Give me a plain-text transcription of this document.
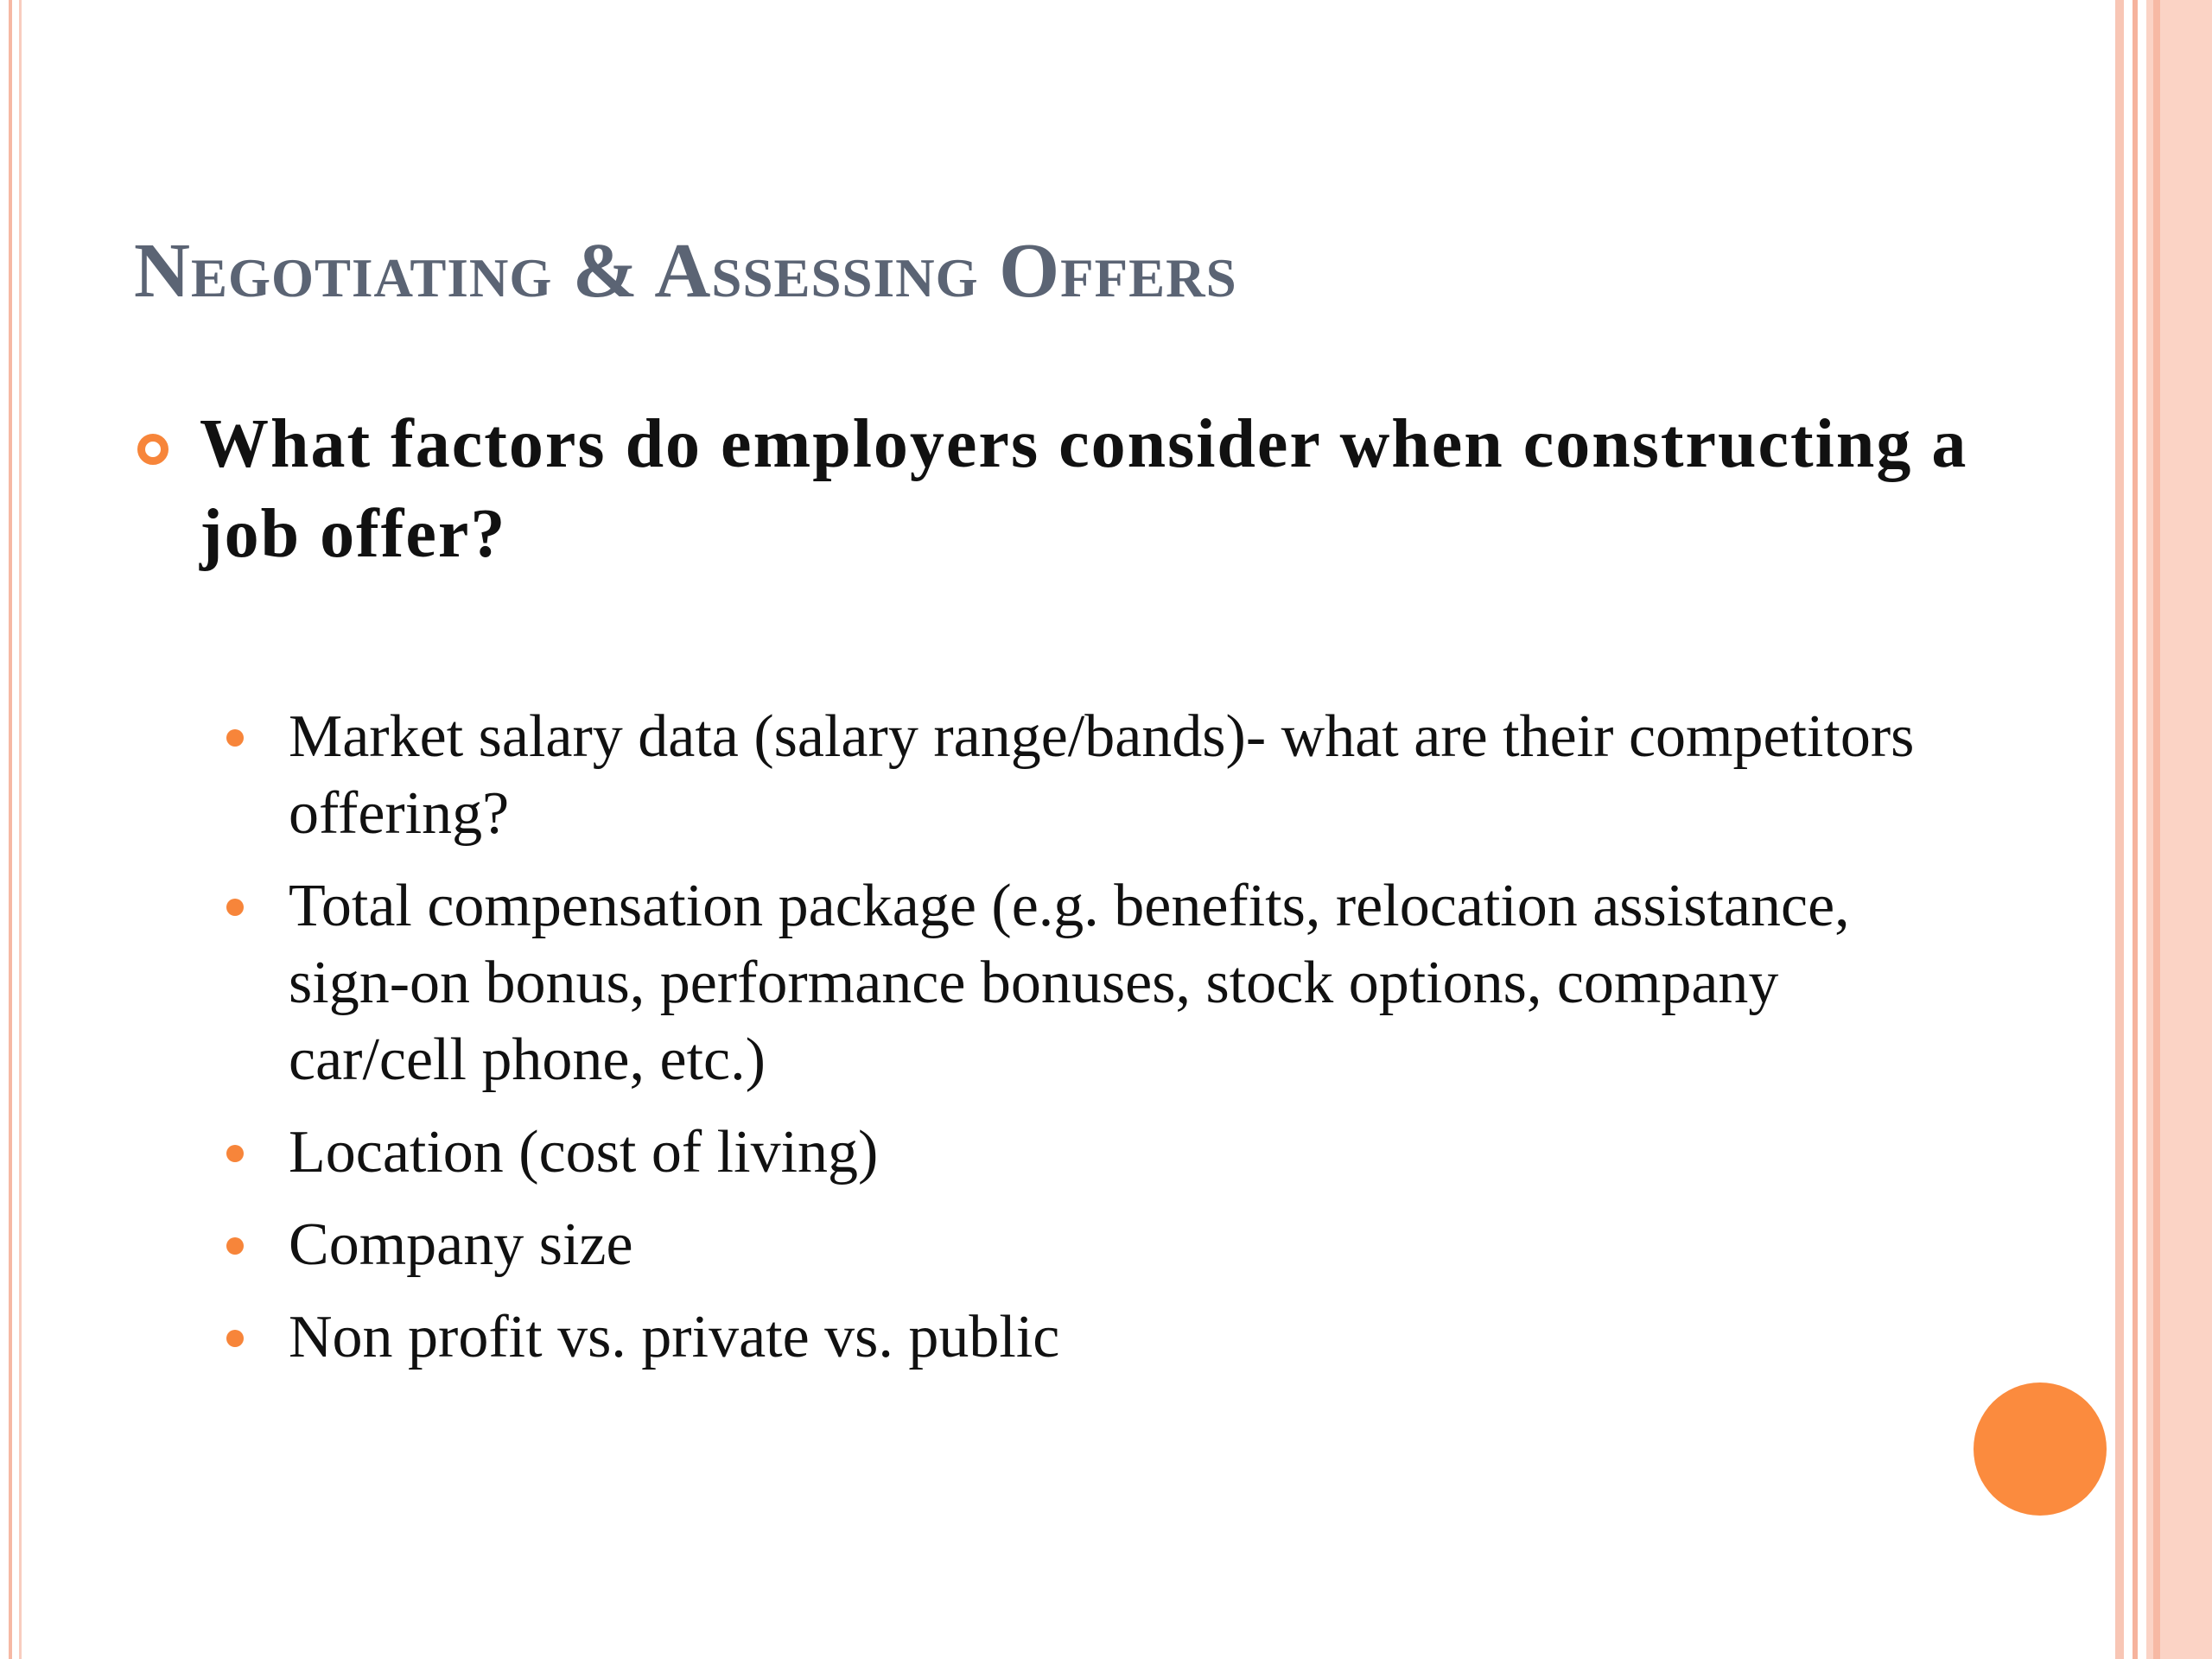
Negotiating & Assessing Offers
What factors do employers consider when constructing a job offer?
Market salary data (salary range/bands)- what are their competitors offering?
Total compensation package (e.g. benefits, relocation assistance, sign-on bonus, performance bonuses, stock options, company car/cell phone, etc.)
Location (cost of living)
Company size
Non profit vs. private vs. public
